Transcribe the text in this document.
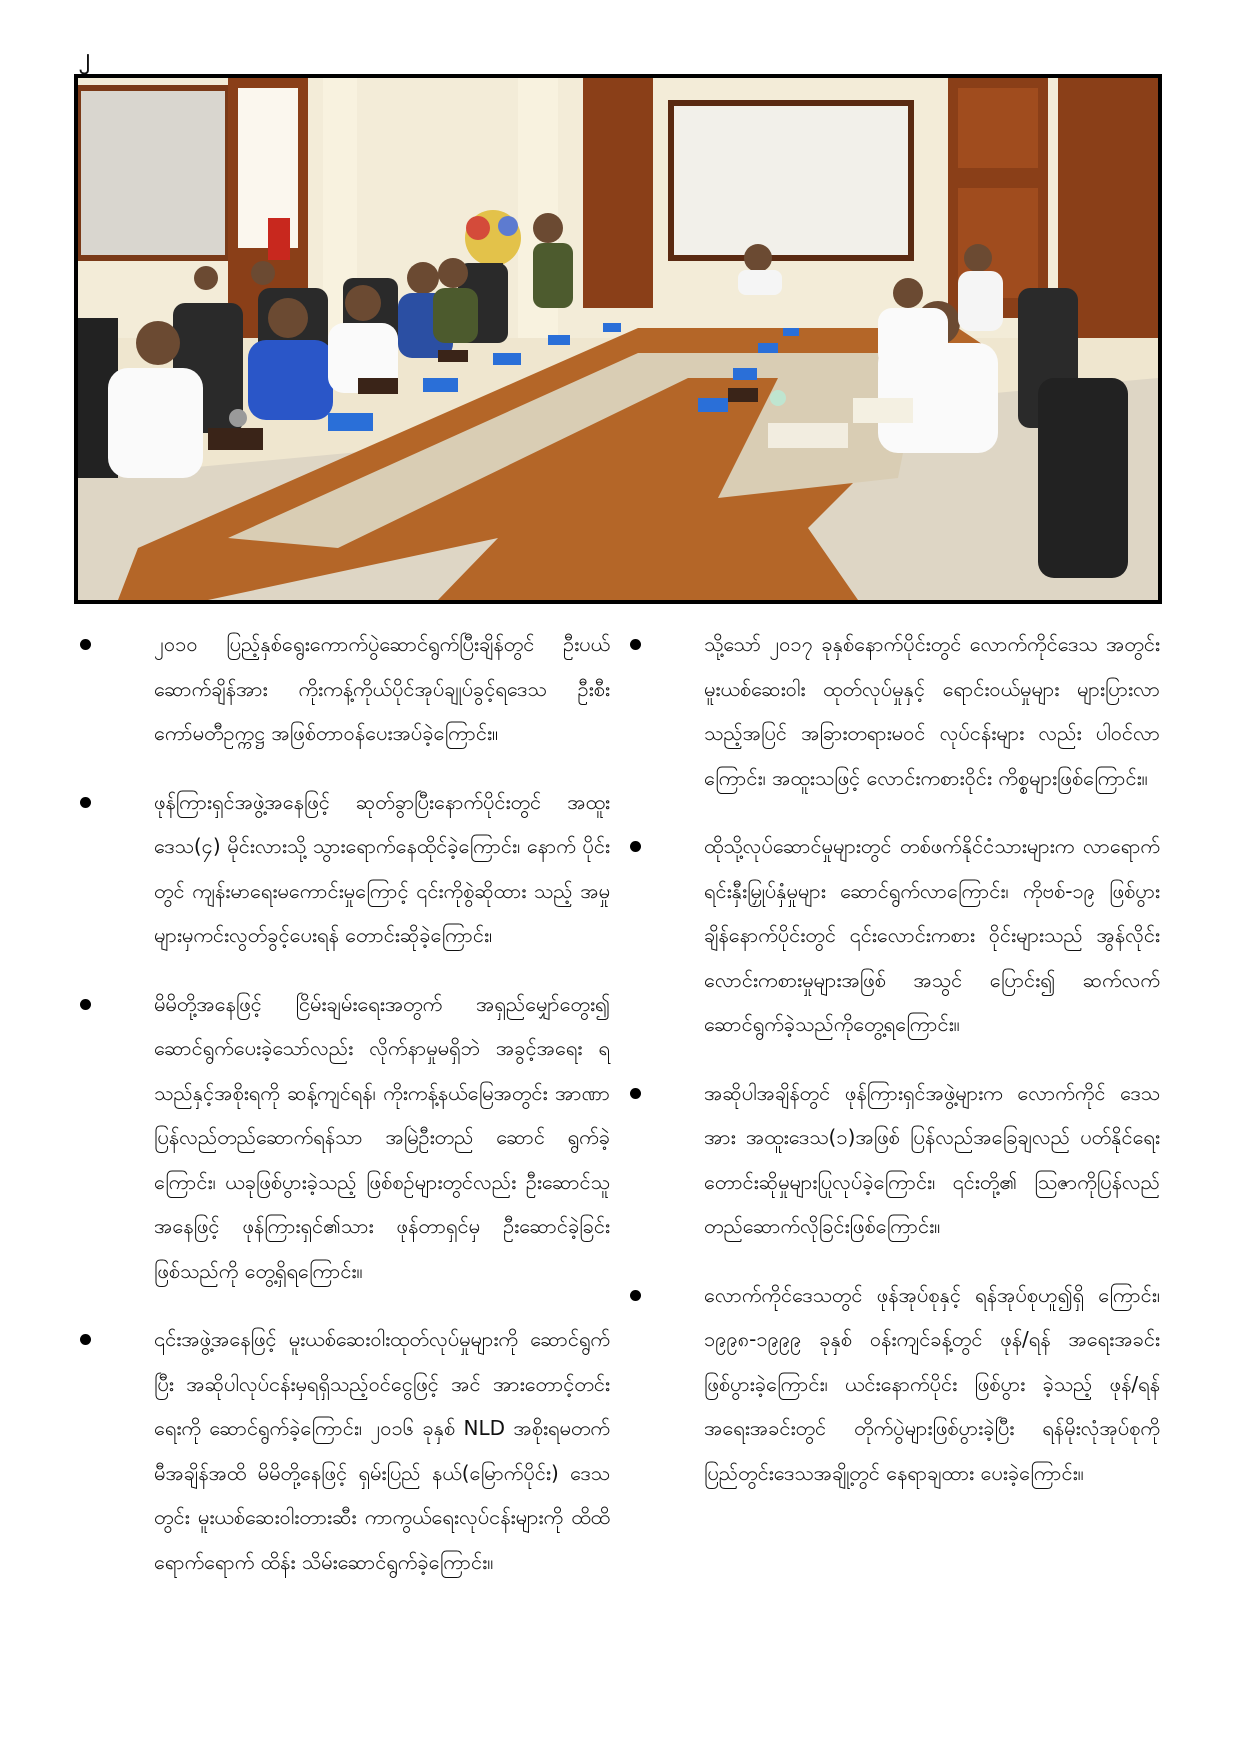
၂
၂၀၁၀ ပြည့်နှစ်ရွေးကောက်ပွဲဆောင်ရွက်ပြီးချိန်တွင် ဦးပယ် ဆောက်ချိန်အား ကိုးကန့်ကိုယ်ပိုင်အုပ်ချုပ်ခွင့်ရဒေသ ဦးစီး ကော်မတီဥက္ကဋ္ဌ အဖြစ်တာဝန်ပေးအပ်ခဲ့ကြောင်း။
ဖုန်ကြားရှင်အဖွဲ့အနေဖြင့် ဆုတ်ခွာပြီးနောက်ပိုင်းတွင် အထူး ဒေသ(၄) မိုင်းလားသို့ သွားရောက်နေထိုင်ခဲ့ကြောင်း၊ နောက် ပိုင်းတွင် ကျန်းမာရေးမကောင်းမှုကြောင့် ၎င်းကိုစွဲဆိုထား သည့် အမှုများမှကင်းလွတ်ခွင့်ပေးရန် တောင်းဆိုခဲ့ကြောင်း၊
မိမိတို့အနေဖြင့် ငြိမ်းချမ်းရေးအတွက် အရှည်မျှော်တွေး၍ ဆောင်ရွက်ပေးခဲ့သော်လည်း လိုက်နာမှုမရှိဘဲ အခွင့်အရေး ရသည်နှင့်အစိုးရကို ဆန့်ကျင်ရန်၊ ကိုးကန့်နယ်မြေအတွင်း အာဏာပြန်လည်တည်ဆောက်ရန်သာ အမြဲဦးတည် ဆောင် ရွက်ခဲ့ကြောင်း၊ ယခုဖြစ်ပွားခဲ့သည့် ဖြစ်စဉ်များတွင်လည်း ဦးဆောင်သူအနေဖြင့် ဖုန်ကြားရှင်၏သား ဖုန်တာရှင်မှ ဦးဆောင်ခဲ့ခြင်းဖြစ်သည်ကို တွေ့ရှိရကြောင်း။
၎င်းအဖွဲ့အနေဖြင့် မူးယစ်ဆေးဝါးထုတ်လုပ်မှုများကို ဆောင်ရွက်ပြီး အဆိုပါလုပ်ငန်းမှရရှိသည့်ဝင်ငွေဖြင့် အင် အားတောင့်တင်းရေးကို ဆောင်ရွက်ခဲ့ကြောင်း၊ ၂၀၁၆ ခုနှစ် NLD အစိုးရမတက်မီအချိန်အထိ မိမိတို့နေဖြင့် ရှမ်းပြည် နယ်(မြောက်ပိုင်း) ဒေသတွင်း မူးယစ်ဆေးဝါးတားဆီး ကာကွယ်ရေးလုပ်ငန်းများကို ထိထိရောက်ရောက် ထိန်း သိမ်းဆောင်ရွက်ခဲ့ကြောင်း။
သို့သော် ၂၀၁၇ ခုနှစ်နောက်ပိုင်းတွင် လောက်ကိုင်ဒေသ အတွင်း မူးယစ်ဆေးဝါး ထုတ်လုပ်မှုနှင့် ရောင်းဝယ်မှုများ များပြားလာသည့်အပြင် အခြားတရားမဝင် လုပ်ငန်းများ လည်း ပါဝင်လာကြောင်း၊ အထူးသဖြင့် လောင်းကစားဝိုင်း ကိစ္စများဖြစ်ကြောင်း။
ထိုသို့လုပ်ဆောင်မှုများတွင် တစ်ဖက်နိုင်ငံသားများက လာရောက်ရင်းနှီးမြှုပ်နှံမှုများ ဆောင်ရွက်လာကြောင်း၊ ကိုဗစ်-၁၉ ဖြစ်ပွားချိန်နောက်ပိုင်းတွင် ၎င်းလောင်းကစား ဝိုင်းများသည် အွန်လိုင်းလောင်းကစားမှုများအဖြစ် အသွင် ပြောင်း၍ ဆက်လက်ဆောင်ရွက်ခဲ့သည်ကိုတွေ့ရကြောင်း။
အဆိုပါအချိန်တွင် ဖုန်ကြားရှင်အဖွဲ့များက လောက်ကိုင် ဒေသအား အထူးဒေသ(၁)အဖြစ် ပြန်လည်အခြေချလည် ပတ်နိုင်ရေး တောင်းဆိုမှုများပြုလုပ်ခဲ့ကြောင်း၊ ၎င်းတို့၏ ဩဇာကိုပြန်လည်တည်ဆောက်လိုခြင်းဖြစ်ကြောင်း။
လောက်ကိုင်ဒေသတွင် ဖုန်အုပ်စုနှင့် ရန်အုပ်စုဟူ၍ရှိ ကြောင်း၊ ၁၉၉၈-၁၉၉၉ ခုနှစ် ဝန်းကျင်ခန့်တွင် ဖုန်/ရန် အရေးအခင်း ဖြစ်ပွားခဲ့ကြောင်း၊ ယင်းနောက်ပိုင်း ဖြစ်ပွား ခဲ့သည့် ဖုန်/ရန်အရေးအခင်းတွင် တိုက်ပွဲများဖြစ်ပွားခဲ့ပြီး ရန်မိုးလုံအုပ်စုကို ပြည်တွင်းဒေသအချို့တွင် နေရာချထား ပေးခဲ့ကြောင်း။
